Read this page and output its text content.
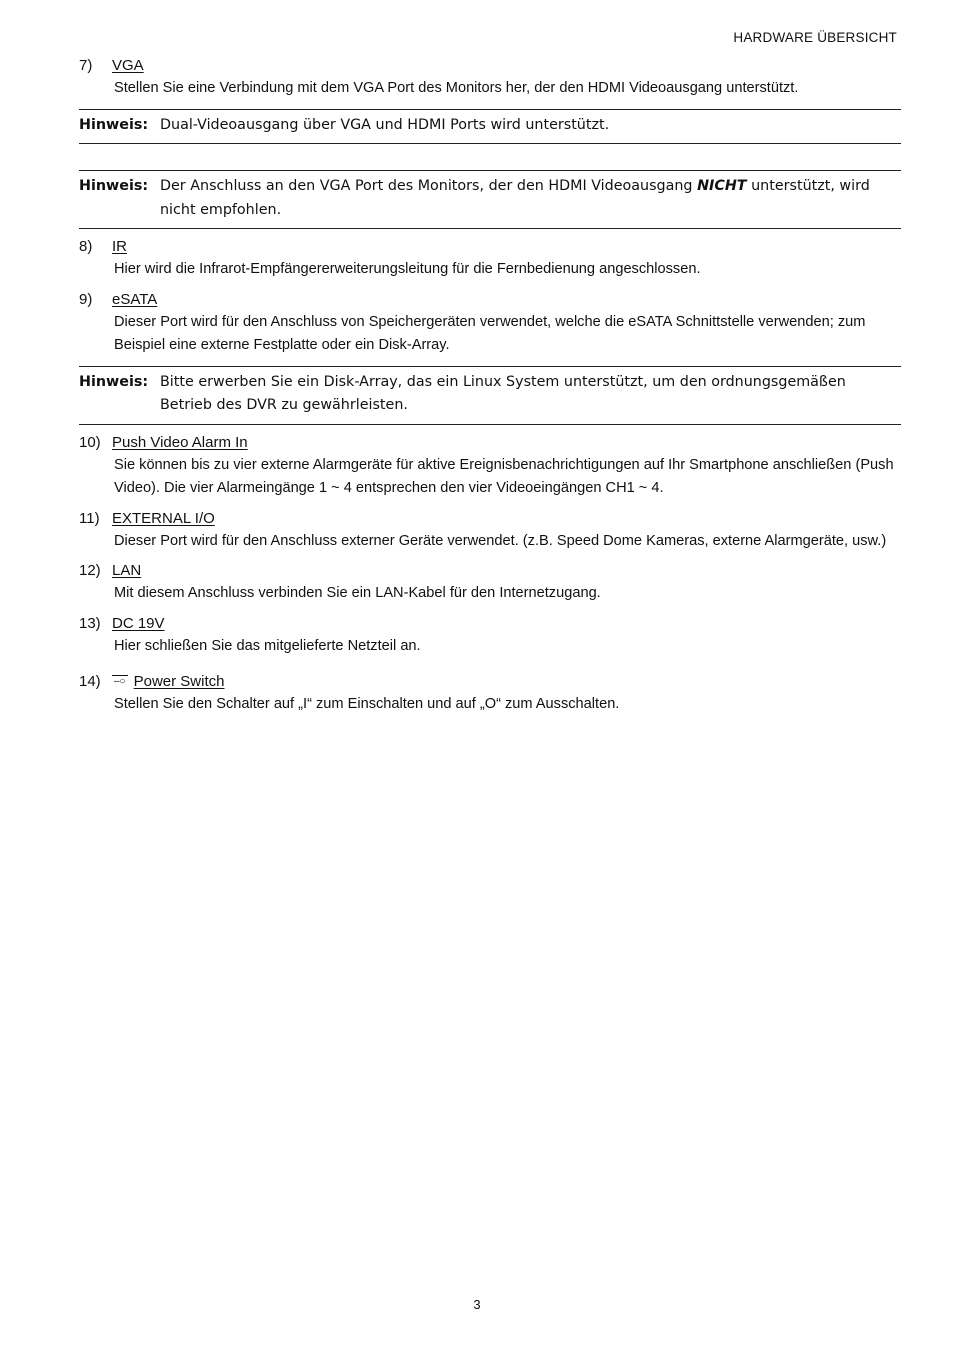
HARDWARE ÜBERSICHT
7)	VGA
Stellen Sie eine Verbindung mit dem VGA Port des Monitors her, der den HDMI Videoausgang unterstützt.
Hinweis: Dual-Videoausgang über VGA und HDMI Ports wird unterstützt.
Hinweis: Der Anschluss an den VGA Port des Monitors, der den HDMI Videoausgang NICHT unterstützt, wird nicht empfohlen.
8)	IR
Hier wird die Infrarot-Empfängererweiterungsleitung für die Fernbedienung angeschlossen.
9)	eSATA
Dieser Port wird für den Anschluss von Speichergeräten verwendet, welche die eSATA Schnittstelle verwenden; zum Beispiel eine externe Festplatte oder ein Disk-Array.
Hinweis: Bitte erwerben Sie ein Disk-Array, das ein Linux System unterstützt, um den ordnungsgemäßen Betrieb des DVR zu gewährleisten.
10) Push Video Alarm In
Sie können bis zu vier externe Alarmgeräte für aktive Ereignisbenachrichtigungen auf Ihr Smartphone anschließen (Push Video). Die vier Alarmeingänge 1 ~ 4 entsprechen den vier Videoeingängen CH1 ~ 4.
11) EXTERNAL I/O
Dieser Port wird für den Anschluss externer Geräte verwendet. (z.B. Speed Dome Kameras, externe Alarmgeräte, usw.)
12) LAN
Mit diesem Anschluss verbinden Sie ein LAN-Kabel für den Internetzugang.
13) DC 19V
Hier schließen Sie das mitgelieferte Netzteil an.
14)	–○ Power Switch
Stellen Sie den Schalter auf „I“ zum Einschalten und auf „O“ zum Ausschalten.
3
